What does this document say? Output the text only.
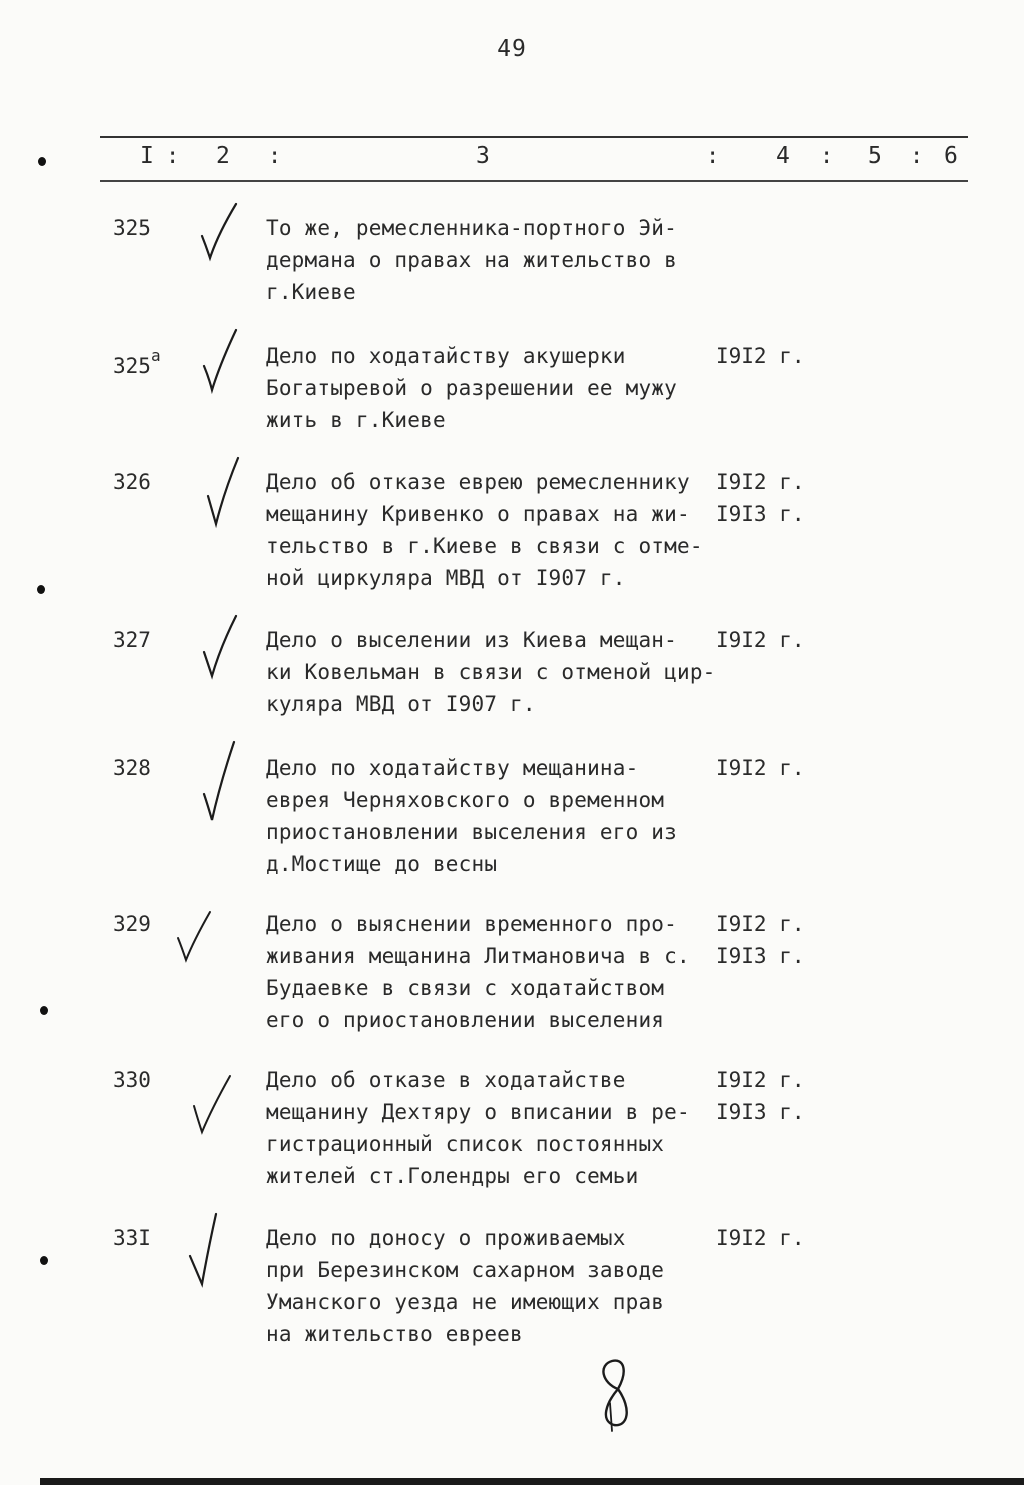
49
I : 2 :	3	: 4 : 5 : 6
325	То же, ремесленника-портного Эй-
дермана о правах на жительство в
г.Киеве
$325^а$	Дело по ходатайству акушерки
Богатыревой о разрешении ее мужу
жить в г.Киеве
I9I2 г.
326	Дело об отказе еврею ремесленнику
мещанину Кривенко о правах на жи-
тельство в г.Киеве в связи с отме-
ной циркуляра МВД от I907 г.
I9I2 г.
I9I3 г.
327	Дело о выселении из Киева мещан-
ки Ковельман в связи с отменой цир-
куляра МВД от I907 г.
I9I2 г.
328	Дело по ходатайству мещанина-
еврея Черняховского о временном
приостановлении выселения его из
д.Мостище до весны
I9I2 г.
329	Дело о выяснении временного про-
живания мещанина Литмановича в с.
Будаевке в связи с ходатайством
его о приостановлении выселения
I9I2 г.
I9I3 г.
330	Дело об отказе в ходатайстве
мещанину Дехтяру о вписании в ре-
гистрационный список постоянных
жителей ст.Голендры его семьи
I9I2 г.
I9I3 г.
33I	Дело по доносу о проживаемых
при Березинском сахарном заводе
Уманского уезда не имеющих прав
на жительство евреев
I9I2 г.
